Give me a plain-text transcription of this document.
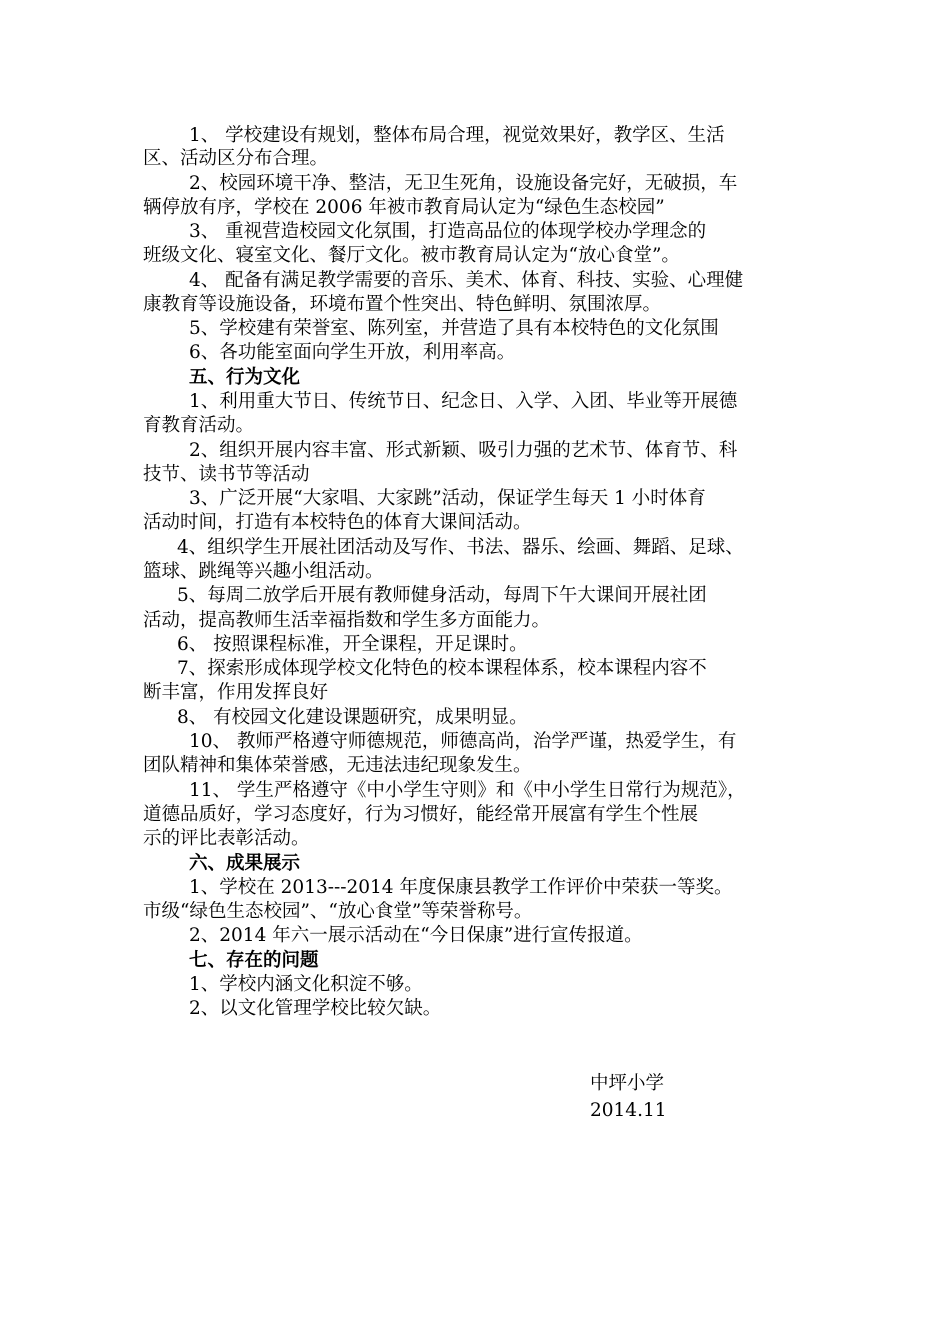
1、 学校建设有规划，整体布局合理，视觉效果好，教学区、生活
区、活动区分布合理。
2、校园环境干净、整洁，无卫生死角，设施设备完好，无破损，车
辆停放有序，学校在 2006 年被市教育局认定为“绿色生态校园”
3、 重视营造校园文化氛围，打造高品位的体现学校办学理念的
班级文化、寝室文化、餐厅文化。被市教育局认定为“放心食堂”。
4、 配备有满足教学需要的音乐、美术、体育、科技、实验、心理健
康教育等设施设备，环境布置个性突出、特色鲜明、氛围浓厚。
5、学校建有荣誉室、陈列室，并营造了具有本校特色的文化氛围
6、各功能室面向学生开放，利用率高。
五、行为文化
1、利用重大节日、传统节日、纪念日、入学、入团、毕业等开展德
育教育活动。
2、组织开展内容丰富、形式新颖、吸引力强的艺术节、体育节、科
技节、读书节等活动
3、广泛开展“大家唱、大家跳”活动，保证学生每天 1 小时体育
活动时间，打造有本校特色的体育大课间活动。
4、组织学生开展社团活动及写作、书法、器乐、绘画、舞蹈、足球、
篮球、跳绳等兴趣小组活动。
5、每周二放学后开展有教师健身活动，每周下午大课间开展社团
活动，提高教师生活幸福指数和学生多方面能力。
6、 按照课程标准，开全课程，开足课时。
7、探索形成体现学校文化特色的校本课程体系，校本课程内容不
断丰富，作用发挥良好
8、 有校园文化建设课题研究，成果明显。
10、 教师严格遵守师德规范，师德高尚，治学严谨，热爱学生，有
团队精神和集体荣誉感，无违法违纪现象发生。
11、 学生严格遵守《中小学生守则》和《中小学生日常行为规范》，
道德品质好，学习态度好，行为习惯好，能经常开展富有学生个性展
示的评比表彰活动。
六、成果展示
1、学校在 2013---2014 年度保康县教学工作评价中荣获一等奖。
市级“绿色生态校园”、“放心食堂”等荣誉称号。
2、2014 年六一展示活动在“今日保康”进行宣传报道。
七、存在的问题
1、学校内涵文化积淀不够。
2、以文化管理学校比较欠缺。
中坪小学
2014.11
